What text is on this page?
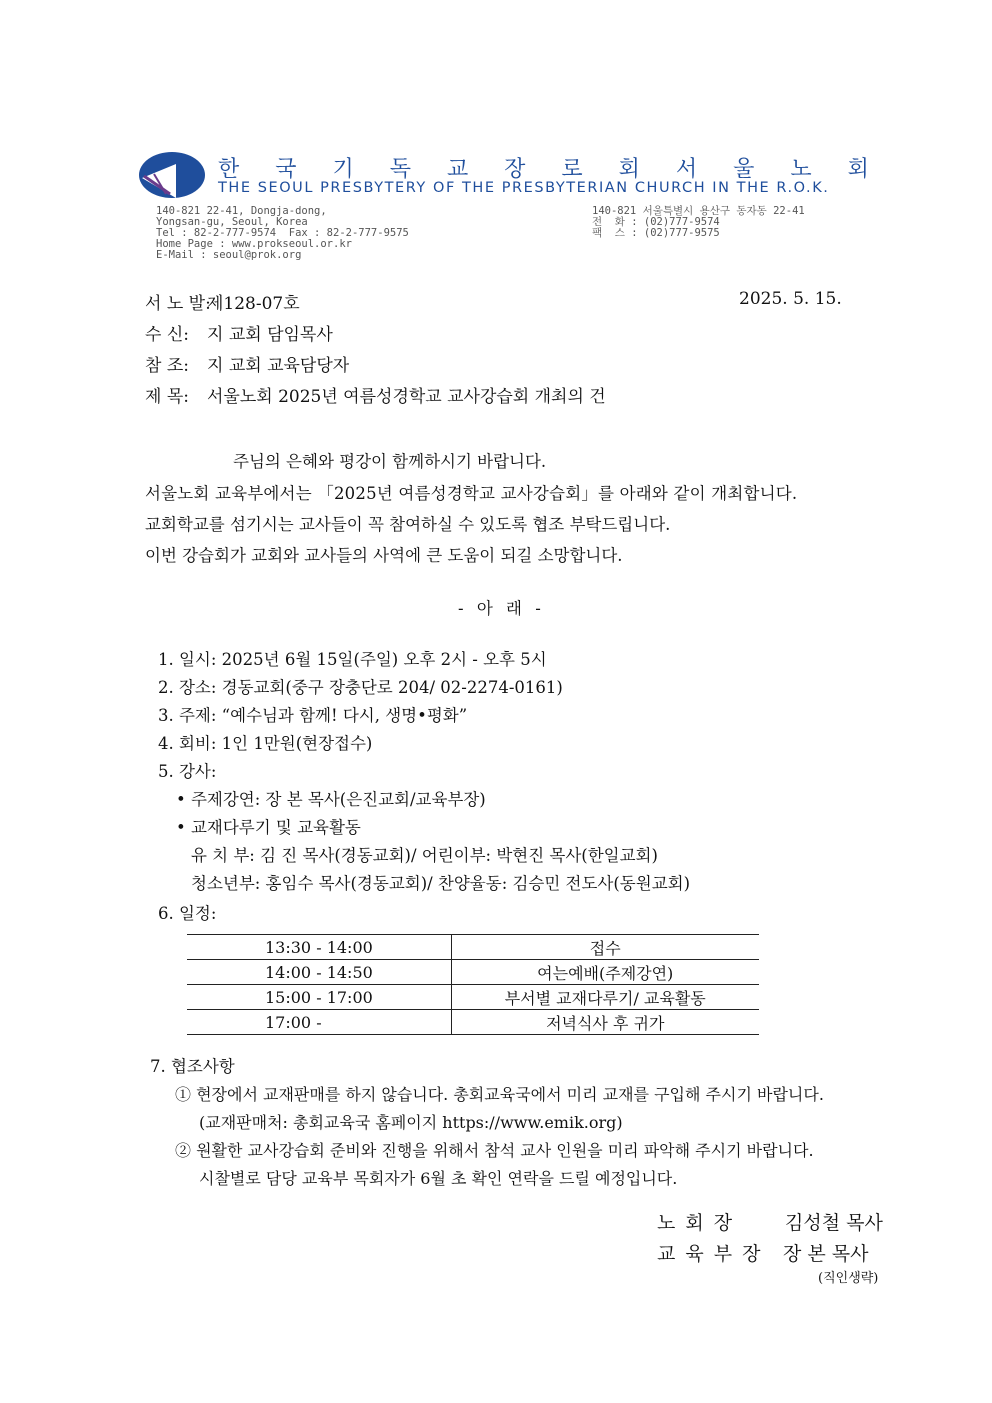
한 국 기 독 교 장 로 회 서 울 노 회
THE SEOUL PRESBYTERY OF THE PRESBYTERIAN CHURCH IN THE R.O.K.
140-821 22-41, Dongja-dong,
Yongsan-gu, Seoul, Korea
Tel : 82-2-777-9574  Fax : 82-2-777-9575
Home Page : www.prokseoul.or.kr
E-Mail : seoul@prok.org
140-821 서울특별시 용산구 동자동 22-41
전  화 : (02)777-9574
팩  스 : (02)777-9575
서 노 발:제128-07호	2025. 5. 15.
수 신: 지 교회 담임목사
참 조: 지 교회 교육담당자
제 목: 서울노회 2025년 여름성경학교 교사강습회 개최의 건
주님의 은혜와 평강이 함께하시기 바랍니다.
서울노회 교육부에서는 「2025년 여름성경학교 교사강습회」를 아래와 같이 개최합니다.
교회학교를 섬기시는 교사들이 꼭 참여하실 수 있도록 협조 부탁드립니다.
이번 강습회가 교회와 교사들의 사역에 큰 도움이 되길 소망합니다.
- 아 래 -
1. 일시: 2025년 6월 15일(주일) 오후 2시 - 오후 5시
2. 장소: 경동교회(중구 장충단로 204/ 02-2274-0161)
3. 주제: “예수님과 함께! 다시, 생명•평화”
4. 회비: 1인 1만원(현장접수)
5. 강사:
• 주제강연: 장 본 목사(은진교회/교육부장)
• 교재다루기 및 교육활동
유 치 부: 김 진 목사(경동교회)/ 어린이부: 박현진 목사(한일교회)
청소년부: 홍임수 목사(경동교회)/ 찬양율동: 김승민 전도사(동원교회)
6. 일정:
13:30 - 14:00	접수
14:00 - 14:50	여는예배(주제강연)
15:00 - 17:00	부서별 교재다루기/ 교육활동
17:00 -	저녁식사 후 귀가
7. 협조사항
① 현장에서 교재판매를 하지 않습니다. 총회교육국에서 미리 교재를 구입해 주시기 바랍니다.
(교재판매처: 총회교육국 홈페이지 https://www.emik.org)
② 원활한 교사강습회 준비와 진행을 위해서 참석 교사 인원을 미리 파악해 주시기 바랍니다.
시찰별로 담당 교육부 목회자가 6월 초 확인 연락을 드릴 예정입니다.
노 회 장	김성철 목사
교 육 부 장 장 본 목사
(직인생략)
